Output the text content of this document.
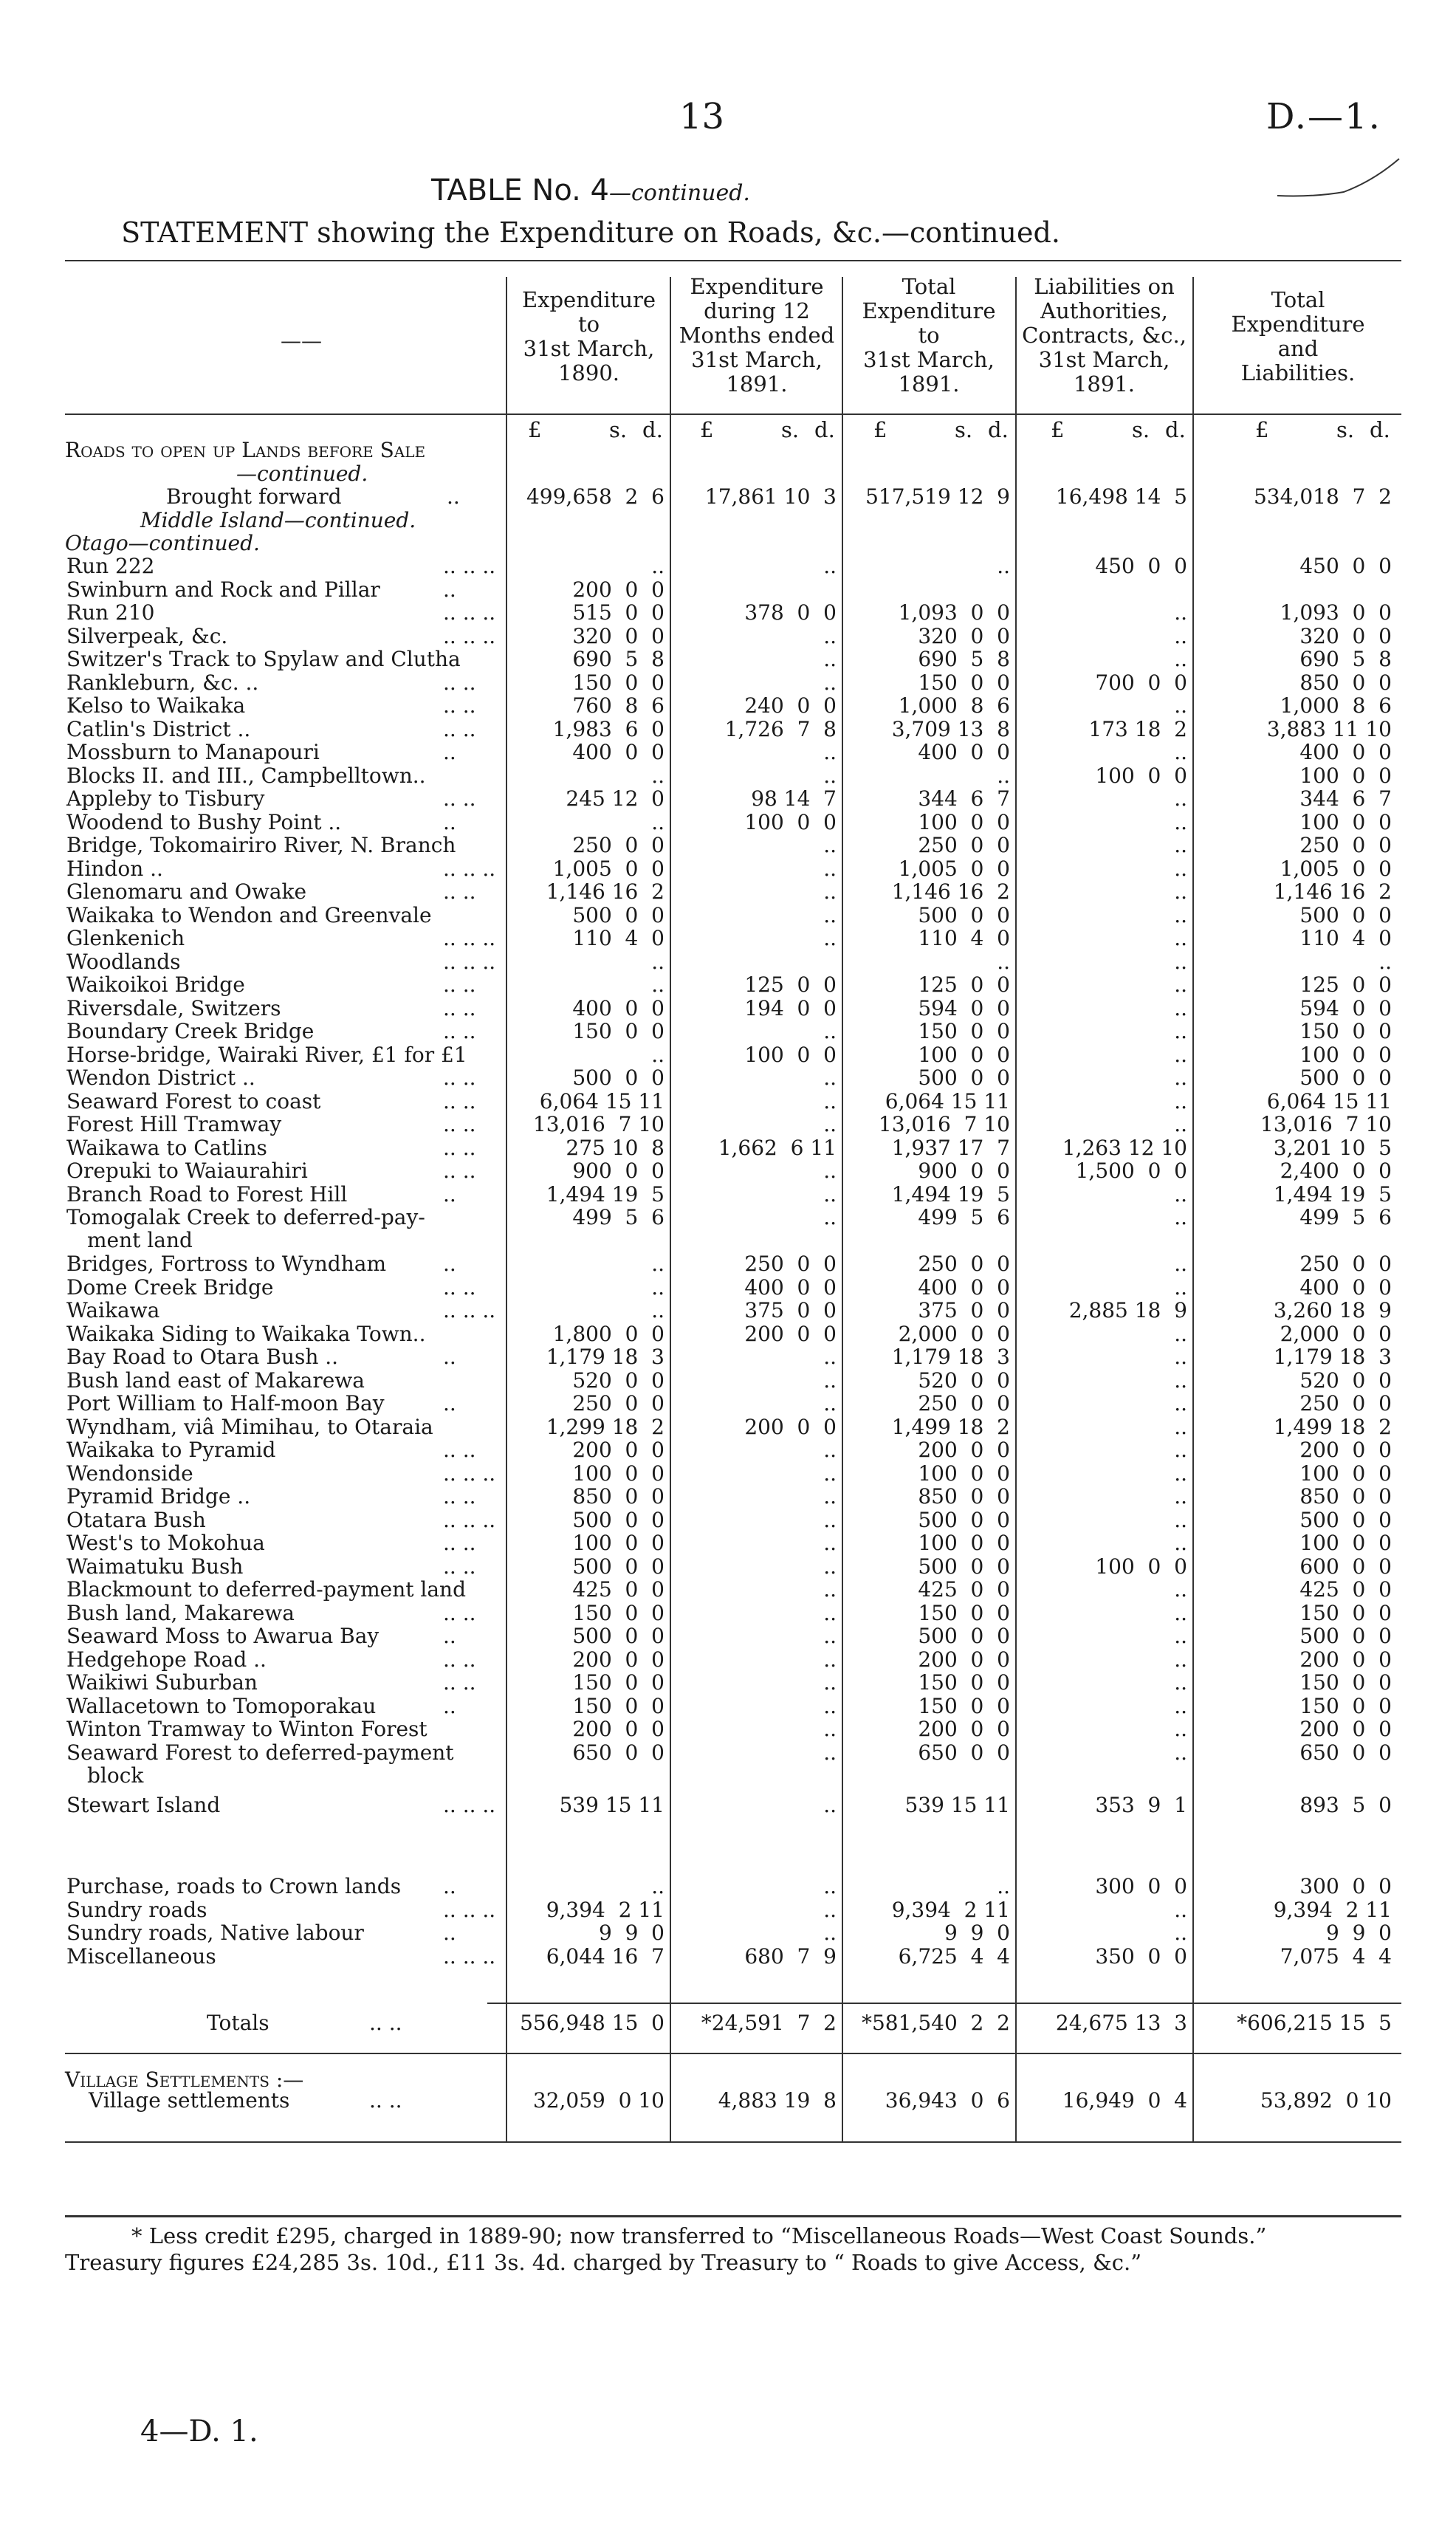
13	D.—1.
TABLE No. 4—continued.
STATEMENT showing the Expenditure on Roads, &c.—continued.
——
Expenditure
to
31st March,
1890.
Expenditure
during 12
Months ended
31st March,
1891.
Total
Expenditure
to
31st March,
1891.
Liabilities on
Authorities,
Contracts, &c.,
31st March,
1891.
Total
Expenditure
and
Liabilities.
£	s. d. £	s. d. £	s. d. £	s. d.	£	s. d.
Roads to open up Lands before Sale
—continued.
Brought forward	..	499,658  2  6	17,861 10  3	517,519 12  9	16,498 14  5	534,018  7  2
Middle Island—continued.
Otago—continued.
Run 222	.. .. ..	..	..	..	450  0  0	450  0  0
Swinburn and Rock and Pillar	..	200  0  0
Run 210	.. .. ..	515  0  0	378  0  0	1,093  0  0	..	1,093  0  0
Silverpeak, &c.	.. .. ..	320  0  0	..	320  0  0	..	320  0  0
Switzer's Track to Spylaw and Clutha	690  5  8	..	690  5  8	..	690  5  8
Rankleburn, &c. ..	.. ..	150  0  0	..	150  0  0	700  0  0	850  0  0
Kelso to Waikaka	.. ..	760  8  6	240  0  0	1,000  8  6	..	1,000  8  6
Catlin's District ..	.. ..	1,983  6  0	1,726  7  8	3,709 13  8	173 18  2	3,883 11 10
Mossburn to Manapouri	..	400  0  0	..	400  0  0	..	400  0  0
Blocks II. and III., Campbelltown..	..	..	..	100  0  0	100  0  0
Appleby to Tisbury	.. ..	245 12  0	98 14  7	344  6  7	..	344  6  7
Woodend to Bushy Point ..	..	..	100  0  0	100  0  0	..	100  0  0
Bridge, Tokomairiro River, N. Branch	250  0  0	..	250  0  0	..	250  0  0
Hindon ..	.. .. ..	1,005  0  0	..	1,005  0  0	..	1,005  0  0
Glenomaru and Owake	.. ..	1,146 16  2	..	1,146 16  2	..	1,146 16  2
Waikaka to Wendon and Greenvale	500  0  0	..	500  0  0	..	500  0  0
Glenkenich	.. .. ..	110  4  0	..	110  4  0	..	110  4  0
Woodlands	.. .. ..	..	..	..	..
Waikoikoi Bridge	.. ..	..	125  0  0	125  0  0	..	125  0  0
Riversdale, Switzers	.. ..	400  0  0	194  0  0	594  0  0	..	594  0  0
Boundary Creek Bridge	.. ..	150  0  0	..	150  0  0	..	150  0  0
Horse-bridge, Wairaki River, £1 for £1	..	100  0  0	100  0  0	..	100  0  0
Wendon District ..	.. ..	500  0  0	..	500  0  0	..	500  0  0
Seaward Forest to coast	.. ..	6,064 15 11	..	6,064 15 11	..	6,064 15 11
Forest Hill Tramway	.. ..	13,016  7 10	..	13,016  7 10	..	13,016  7 10
Waikawa to Catlins	.. ..	275 10  8	1,662  6 11	1,937 17  7	1,263 12 10	3,201 10  5
Orepuki to Waiaurahiri	.. ..	900  0  0	..	900  0  0	1,500  0  0	2,400  0  0
Branch Road to Forest Hill	..	1,494 19  5	..	1,494 19  5	..	1,494 19  5
Tomogalak Creek to deferred-pay-
ment land
499  5  6	..	499  5  6	..	499  5  6
Bridges, Fortross to Wyndham	..	..	250  0  0	250  0  0	..	250  0  0
Dome Creek Bridge	.. ..	..	400  0  0	400  0  0	..	400  0  0
Waikawa	.. .. ..	..	375  0  0	375  0  0	2,885 18  9	3,260 18  9
Waikaka Siding to Waikaka Town..	1,800  0  0	200  0  0	2,000  0  0	..	2,000  0  0
Bay Road to Otara Bush ..	..	1,179 18  3	..	1,179 18  3	..	1,179 18  3
Bush land east of Makarewa	520  0  0	..	520  0  0	..	520  0  0
Port William to Half-moon Bay	..	250  0  0	..	250  0  0	..	250  0  0
Wyndham, viâ Mimihau, to Otaraia	1,299 18  2	200  0  0	1,499 18  2	..	1,499 18  2
Waikaka to Pyramid	.. ..	200  0  0	..	200  0  0	..	200  0  0
Wendonside	.. .. ..	100  0  0	..	100  0  0	..	100  0  0
Pyramid Bridge ..	.. ..	850  0  0	..	850  0  0	..	850  0  0
Otatara Bush	.. .. ..	500  0  0	..	500  0  0	..	500  0  0
West's to Mokohua	.. ..	100  0  0	..	100  0  0	..	100  0  0
Waimatuku Bush	.. ..	500  0  0	..	500  0  0	100  0  0	600  0  0
Blackmount to deferred-payment land	425  0  0	..	425  0  0	..	425  0  0
Bush land, Makarewa	.. ..	150  0  0	..	150  0  0	..	150  0  0
Seaward Moss to Awarua Bay	..	500  0  0	..	500  0  0	..	500  0  0
Hedgehope Road ..	.. ..	200  0  0	..	200  0  0	..	200  0  0
Waikiwi Suburban	.. ..	150  0  0	..	150  0  0	..	150  0  0
Wallacetown to Tomoporakau	..	150  0  0	..	150  0  0	..	150  0  0
Winton Tramway to Winton Forest	200  0  0	..	200  0  0	..	200  0  0
Seaward Forest to deferred-payment
block
650  0  0	..	650  0  0	..	650  0  0
Stewart Island	.. .. ..	539 15 11	..	539 15 11	353  9  1	893  5  0
Purchase, roads to Crown lands	..	..	..	..	300  0  0	300  0  0
Sundry roads	.. .. ..	9,394  2 11	..	9,394  2 11	..	9,394  2 11
Sundry roads, Native labour	..	9  9  0	..	9  9  0	..	9  9  0
Miscellaneous	.. .. ..	6,044 16  7	680  7  9	6,725  4  4	350  0  0	7,075  4  4
Totals	.. ..	556,948 15  0	*24,591  7  2	*581,540  2  2	24,675 13  3 *606,215 15  5
Village settlements	.. ..	32,059  0 10	4,883 19  8	36,943  0  6	16,949  0  4	53,892  0 10
Village Settlements :—
* Less credit £295, charged in 1889-90; now transferred to “Miscellaneous Roads—West Coast Sounds.”
Treasury figures £24,285 3s. 10d., £11 3s. 4d. charged by Treasury to “ Roads to give Access, &c.”
4—D. 1.
